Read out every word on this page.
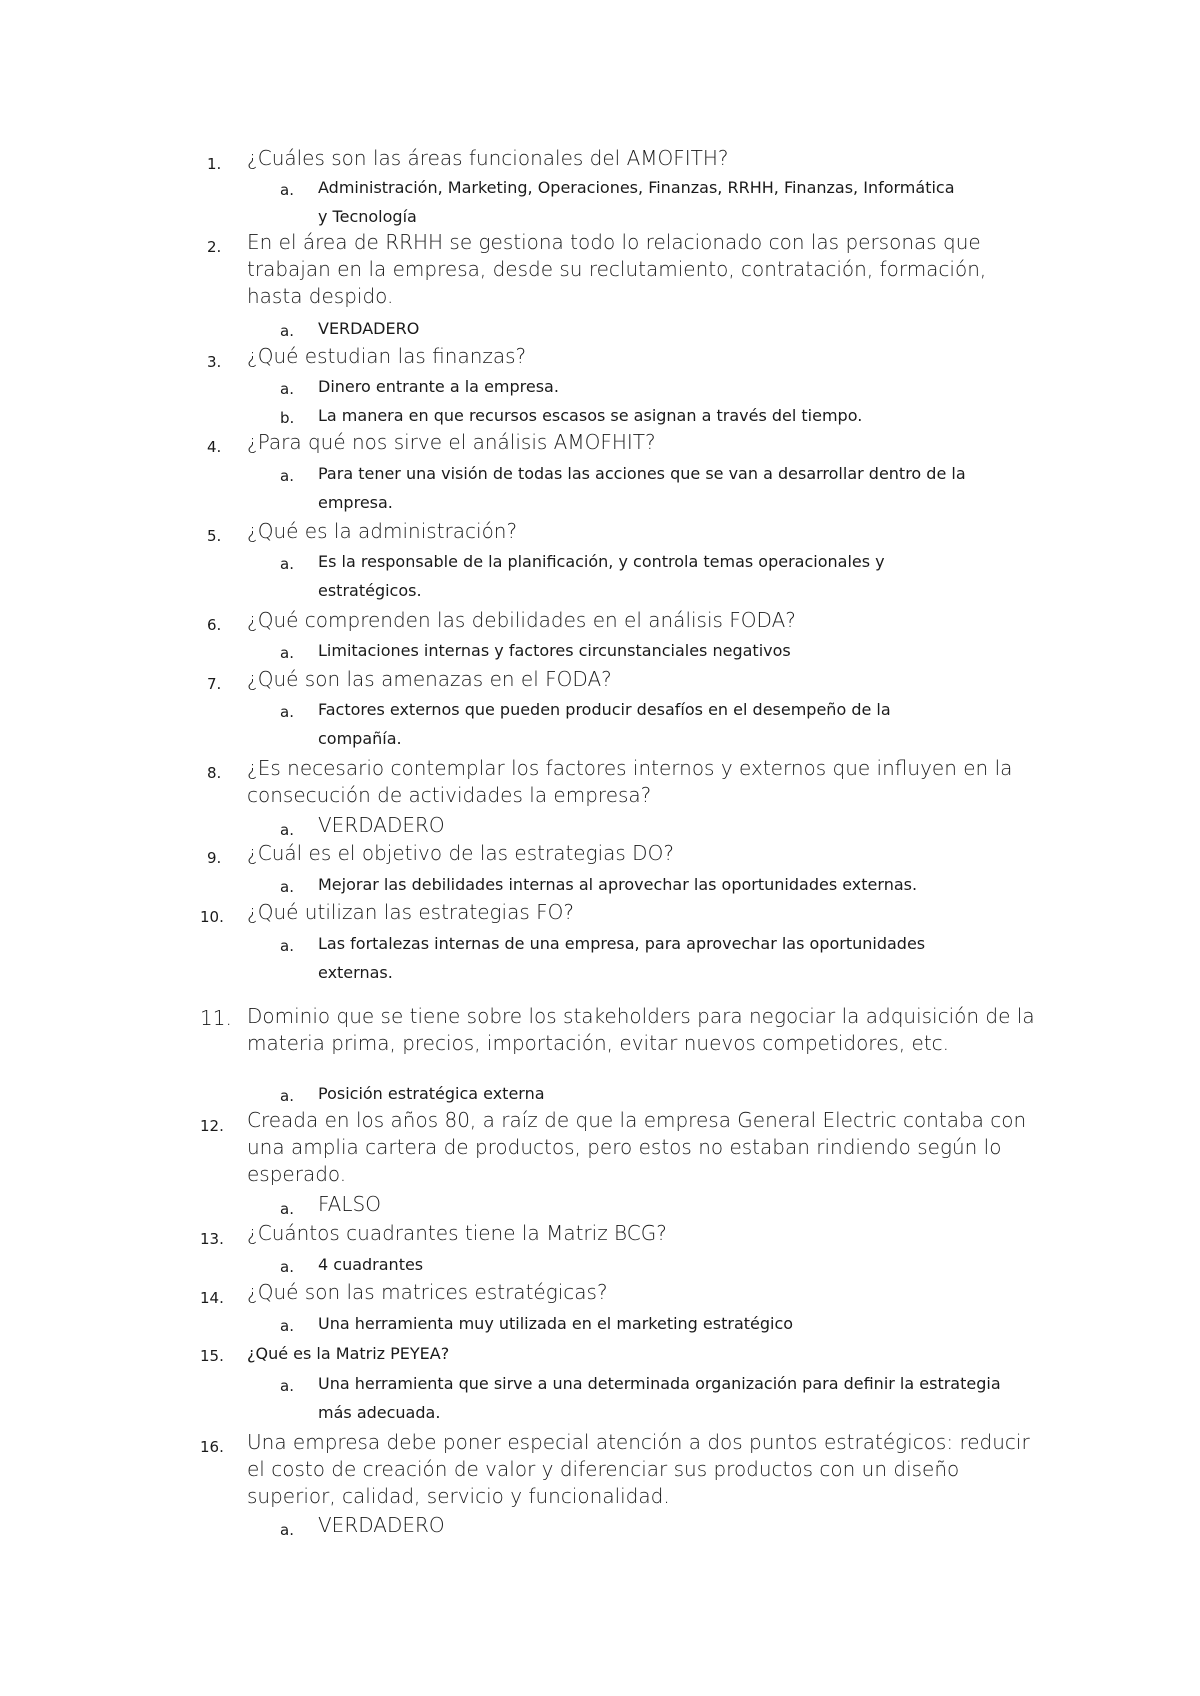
1.	¿Cuáles son las áreas funcionales del AMOFITH?
a.	Administración, Marketing, Operaciones, Finanzas, RRHH, Finanzas, Informática y Tecnología
2.	En el área de RRHH se gestiona todo lo relacionado con las personas que trabajan en la empresa, desde su reclutamiento, contratación, formación, hasta despido.
a.	VERDADERO
3.	¿Qué estudian las finanzas?
a.	Dinero entrante a la empresa.
b.	La manera en que recursos escasos se asignan a través del tiempo.
4.	¿Para qué nos sirve el análisis AMOFHIT?
a.	Para tener una visión de todas las acciones que se van a desarrollar dentro de la empresa.
5.	¿Qué es la administración?
a.	Es la responsable de la planificación, y controla temas operacionales y estratégicos.
6.	¿Qué comprenden las debilidades en el análisis FODA?
a.	Limitaciones internas y factores circunstanciales negativos
7.	¿Qué son las amenazas en el FODA?
a.	Factores externos que pueden producir desafíos en el desempeño de la compañía.
8.	¿Es necesario contemplar los factores internos y externos que influyen en la consecución de actividades la empresa?
a.	VERDADERO
9.	¿Cuál es el objetivo de las estrategias DO?
a.	Mejorar las debilidades internas al aprovechar las oportunidades externas.
10.	¿Qué utilizan las estrategias FO?
a.	Las fortalezas internas de una empresa, para aprovechar las oportunidades externas.
11. Dominio que se tiene sobre los stakeholders para negociar la adquisición de la materia prima, precios, importación, evitar nuevos competidores, etc.
a.	Posición estratégica externa
12.	Creada en los años 80, a raíz de que la empresa General Electric contaba con una amplia cartera de productos, pero estos no estaban rindiendo según lo esperado.
a.	FALSO
13.	¿Cuántos cuadrantes tiene la Matriz BCG?
a.	4 cuadrantes
14.	¿Qué son las matrices estratégicas?
a.	Una herramienta muy utilizada en el marketing estratégico
15.	¿Qué es la Matriz PEYEA?
a.	Una herramienta que sirve a una determinada organización para definir la estrategia más adecuada.
16.	Una empresa debe poner especial atención a dos puntos estratégicos: reducir el costo de creación de valor y diferenciar sus productos con un diseño superior, calidad, servicio y funcionalidad.
a.	VERDADERO
